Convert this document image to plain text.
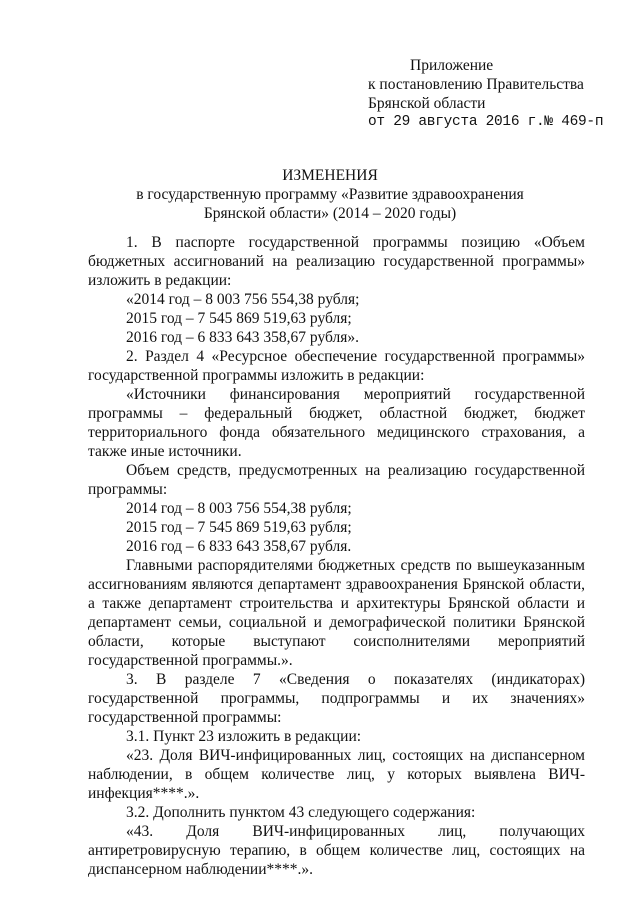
Приложение
к постановлению Правительства
Брянской области
от 29 августа 2016 г.№ 469-п
ИЗМЕНЕНИЯ
в государственную программу «Развитие здравоохранения
Брянской области» (2014 – 2020 годы)

1. В паспорте государственной программы позицию «Объем бюджетных ассигнований на реализацию государственной программы» изложить в редакции:

«2014 год – 8 003 756 554,38 рубля;

2015 год – 7 545 869 519,63 рубля;

2016 год – 6 833 643 358,67 рубля».

2. Раздел 4 «Ресурсное обеспечение государственной программы» государственной программы изложить в редакции:

«Источники финансирования мероприятий государственной программы – федеральный бюджет, областной бюджет, бюджет территориального фонда обязательного медицинского страхования, а также иные источники.

Объем средств, предусмотренных на реализацию государственной программы:

2014 год – 8 003 756 554,38 рубля;

2015 год – 7 545 869 519,63 рубля;

2016 год – 6 833 643 358,67 рубля.

Главными распорядителями бюджетных средств по вышеуказанным ассигнованиям являются департамент здравоохранения Брянской области, а также департамент строительства и архитектуры Брянской области и департамент семьи, социальной и демографической политики Брянской области, которые выступают соисполнителями мероприятий государственной программы.».

3. В разделе 7 «Сведения о показателях (индикаторах) государственной программы, подпрограммы и их значениях» государственной программы:

3.1. Пункт 23 изложить в редакции:

«23. Доля ВИЧ-инфицированных лиц, состоящих на диспансерном наблюдении, в общем количестве лиц, у которых выявлена ВИЧ-инфекция****.».

3.2. Дополнить пунктом 43 следующего содержания:

«43. Доля ВИЧ-инфицированных лиц, получающих антиретровирусную терапию, в общем количестве лиц, состоящих на диспансерном наблюдении****.».
